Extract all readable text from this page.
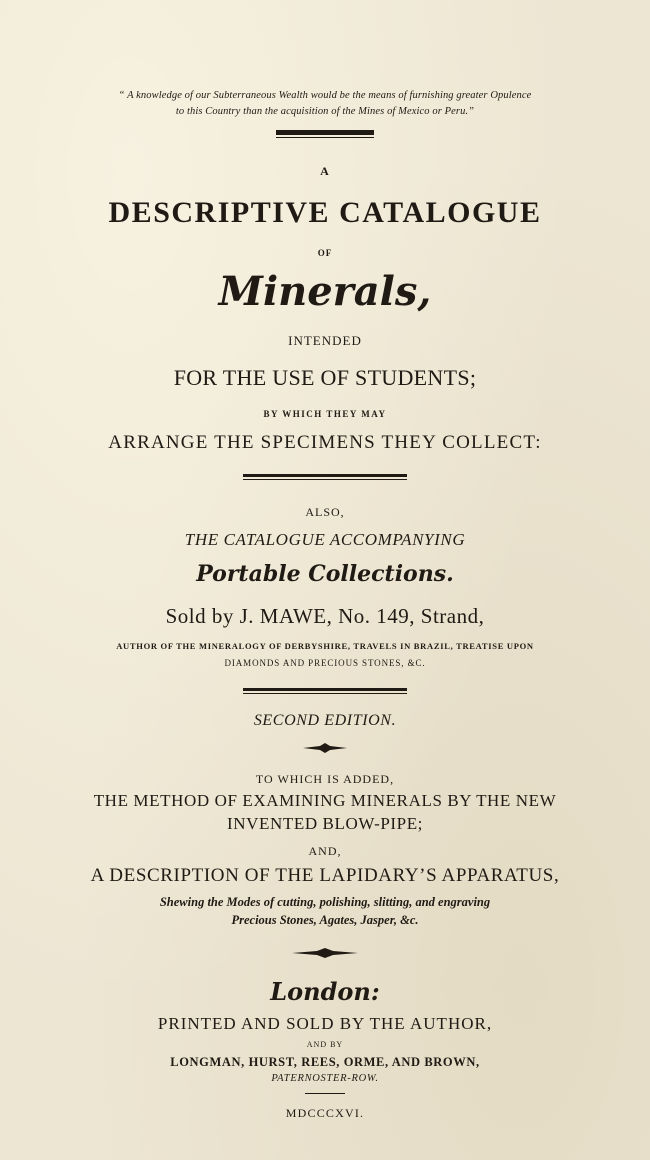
“ A knowledge of our Subterraneous Wealth would be the means of furnishing greater Opulence
to this Country than the acquisition of the Mines of Mexico or Peru.”
A
DESCRIPTIVE CATALOGUE
OF
Minerals,
INTENDED
FOR THE USE OF STUDENTS;
BY WHICH THEY MAY
ARRANGE THE SPECIMENS THEY COLLECT:
ALSO,
THE CATALOGUE ACCOMPANYING
Portable Collections.
Sold by J. MAWE, No. 149, Strand,
AUTHOR OF THE MINERALOGY OF DERBYSHIRE, TRAVELS IN BRAZIL, TREATISE UPON
DIAMONDS AND PRECIOUS STONES, &C.
SECOND EDITION.
TO WHICH IS ADDED,
THE METHOD OF EXAMINING MINERALS BY THE NEW
INVENTED BLOW-PIPE;
AND,
A DESCRIPTION OF THE LAPIDARY’S APPARATUS,
Shewing the Modes of cutting, polishing, slitting, and engraving
Precious Stones, Agates, Jasper, &c.
London:
PRINTED AND SOLD BY THE AUTHOR,
AND BY
LONGMAN, HURST, REES, ORME, AND BROWN,
PATERNOSTER-ROW.
MDCCCXVI.
